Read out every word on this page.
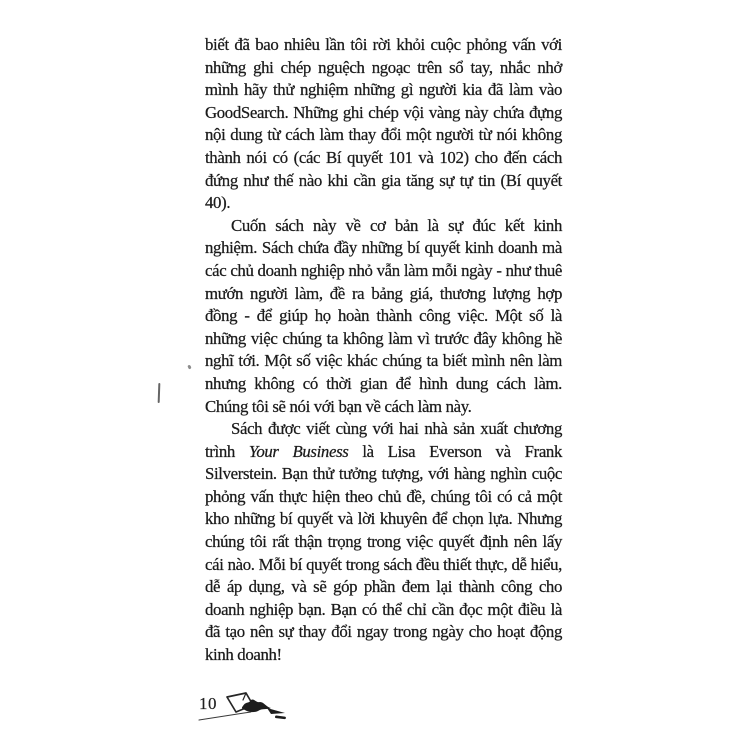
biết đã bao nhiêu lần tôi rời khỏi cuộc phỏng vấn với những ghi chép nguệch ngoạc trên sổ tay, nhắc nhở mình hãy thử nghiệm những gì người kia đã làm vào GoodSearch. Những ghi chép vội vàng này chứa đựng nội dung từ cách làm thay đổi một người từ nói không thành nói có (các Bí quyết 101 và 102) cho đến cách đứng như thế nào khi cần gia tăng sự tự tin (Bí quyết 40).

Cuốn sách này về cơ bản là sự đúc kết kinh nghiệm. Sách chứa đầy những bí quyết kinh doanh mà các chủ doanh nghiệp nhỏ vẫn làm mỗi ngày - như thuê mướn người làm, đề ra bảng giá, thương lượng hợp đồng - để giúp họ hoàn thành công việc. Một số là những việc chúng ta không làm vì trước đây không hề nghĩ tới. Một số việc khác chúng ta biết mình nên làm nhưng không có thời gian để hình dung cách làm. Chúng tôi sẽ nói với bạn về cách làm này.

Sách được viết cùng với hai nhà sản xuất chương trình Your Business là Lisa Everson và Frank Silverstein. Bạn thử tưởng tượng, với hàng nghìn cuộc phỏng vấn thực hiện theo chủ đề, chúng tôi có cả một kho những bí quyết và lời khuyên để chọn lựa. Nhưng chúng tôi rất thận trọng trong việc quyết định nên lấy cái nào. Mỗi bí quyết trong sách đều thiết thực, dễ hiểu, dễ áp dụng, và sẽ góp phần đem lại thành công cho doanh nghiệp bạn. Bạn có thể chỉ cần đọc một điều là đã tạo nên sự thay đổi ngay trong ngày cho hoạt động kinh doanh!

10
